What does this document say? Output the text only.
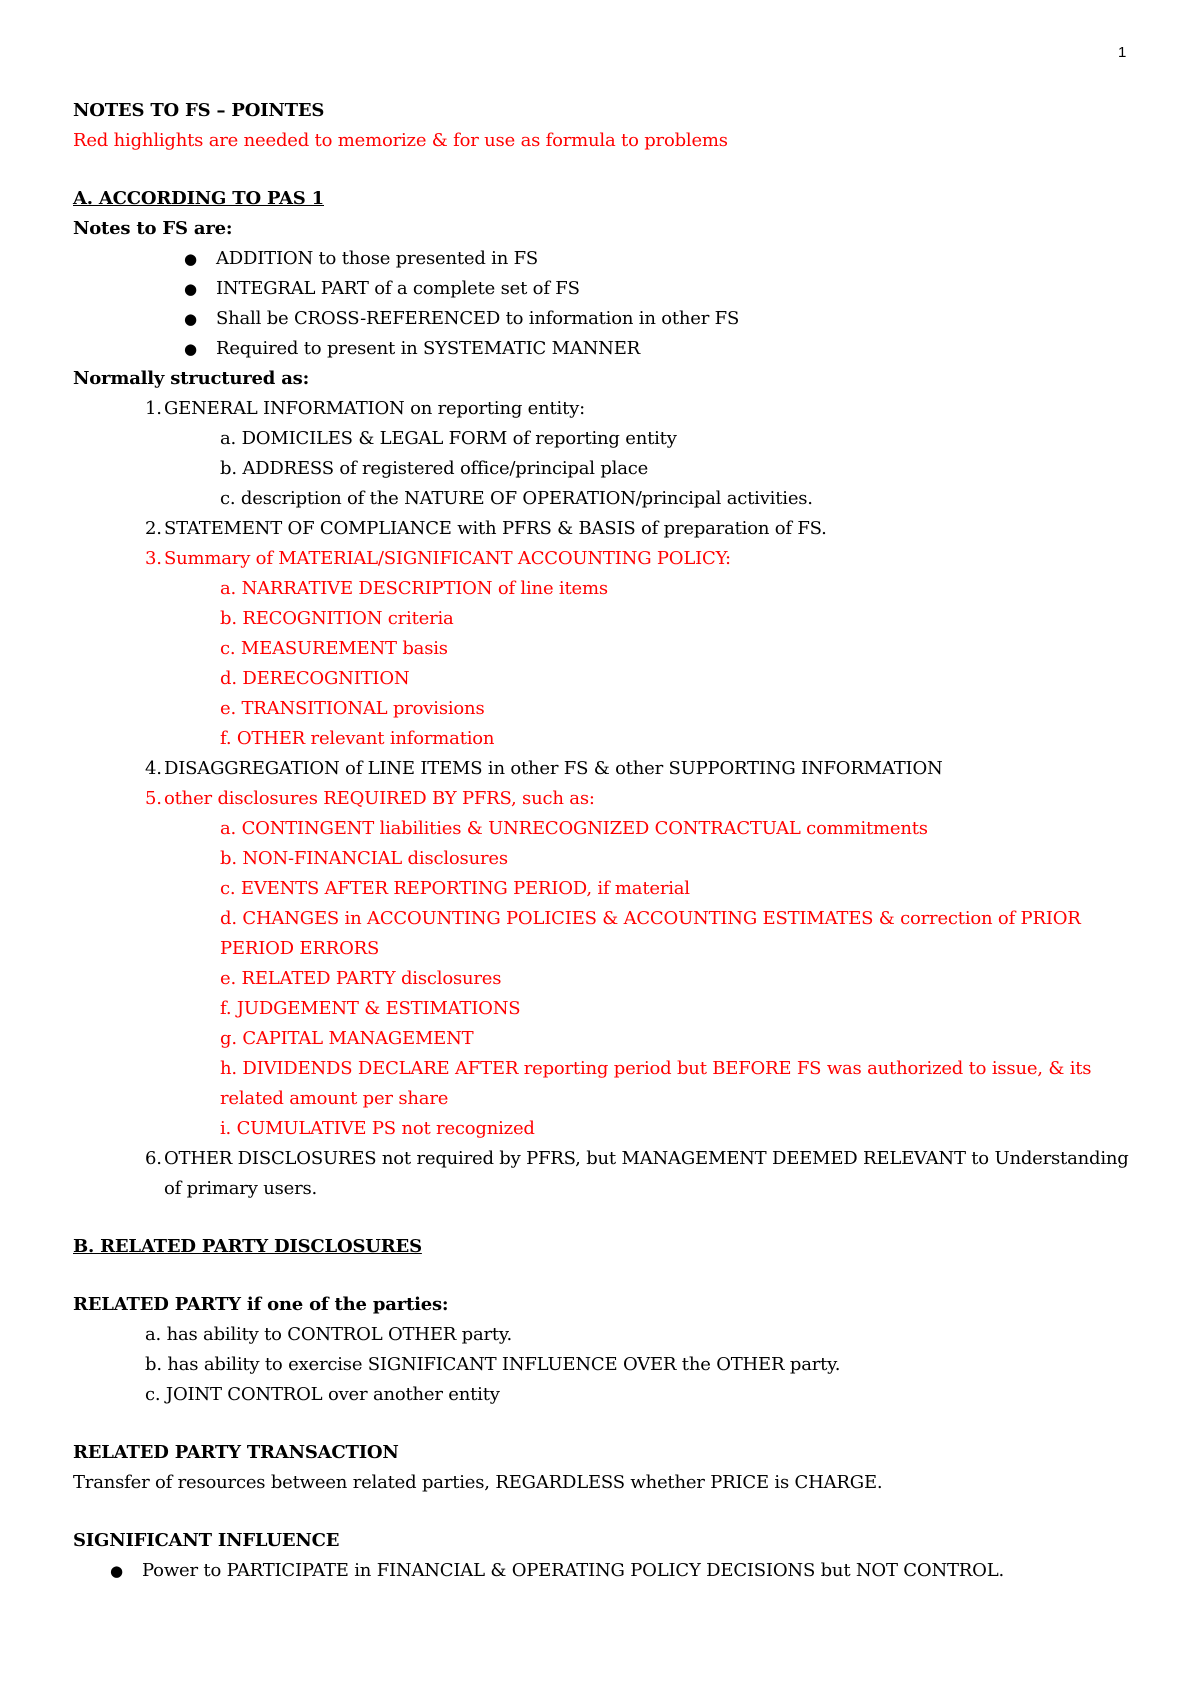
1
NOTES TO FS – POINTES
Red highlights are needed to memorize & for use as formula to problems
A. ACCORDING TO PAS 1
Notes to FS are:
●	ADDITION to those presented in FS
●	INTEGRAL PART of a complete set of FS
●	Shall be CROSS-REFERENCED to information in other FS
●	Required to present in SYSTEMATIC MANNER
Normally structured as:
1. GENERAL INFORMATION on reporting entity:
a. DOMICILES & LEGAL FORM of reporting entity
b. ADDRESS of registered office/principal place
c. description of the NATURE OF OPERATION/principal activities.
2. STATEMENT OF COMPLIANCE with PFRS & BASIS of preparation of FS.
3. Summary of MATERIAL/SIGNIFICANT ACCOUNTING POLICY:
a. NARRATIVE DESCRIPTION of line items
b. RECOGNITION criteria
c. MEASUREMENT basis
d. DERECOGNITION
e. TRANSITIONAL provisions
f. OTHER relevant information
4. DISAGGREGATION of LINE ITEMS in other FS & other SUPPORTING INFORMATION
5. other disclosures REQUIRED BY PFRS, such as:
a. CONTINGENT liabilities & UNRECOGNIZED CONTRACTUAL commitments
b. NON-FINANCIAL disclosures
c. EVENTS AFTER REPORTING PERIOD, if material
d. CHANGES in ACCOUNTING POLICIES & ACCOUNTING ESTIMATES & correction of PRIOR PERIOD ERRORS
e. RELATED PARTY disclosures
f. JUDGEMENT & ESTIMATIONS
g. CAPITAL MANAGEMENT
h. DIVIDENDS DECLARE AFTER reporting period but BEFORE FS was authorized to issue, & its related amount per share
i. CUMULATIVE PS not recognized
6. OTHER DISCLOSURES not required by PFRS, but MANAGEMENT DEEMED RELEVANT to Understanding of primary users.
B. RELATED PARTY DISCLOSURES
RELATED PARTY if one of the parties:
a. has ability to CONTROL OTHER party.
b. has ability to exercise SIGNIFICANT INFLUENCE OVER the OTHER party.
c. JOINT CONTROL over another entity
RELATED PARTY TRANSACTION
Transfer of resources between related parties, REGARDLESS whether PRICE is CHARGE.
SIGNIFICANT INFLUENCE
●	Power to PARTICIPATE in FINANCIAL & OPERATING POLICY DECISIONS but NOT CONTROL.
